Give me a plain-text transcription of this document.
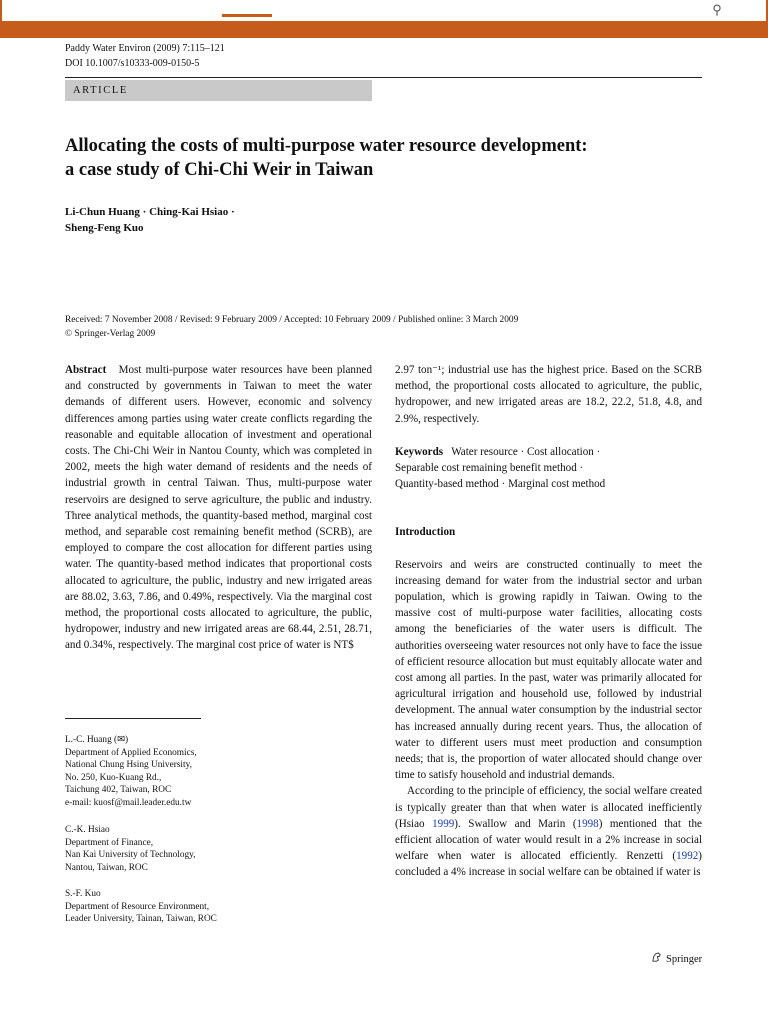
⚲
Paddy Water Environ (2009) 7:115–121
DOI 10.1007/s10333-009-0150-5
ARTICLE
Allocating the costs of multi-purpose water resource development:
a case study of Chi-Chi Weir in Taiwan
Li-Chun Huang · Ching-Kai Hsiao ·
Sheng-Feng Kuo
Received: 7 November 2008 / Revised: 9 February 2009 / Accepted: 10 February 2009 / Published online: 3 March 2009
© Springer-Verlag 2009

Abstract Most multi-purpose water resources have been planned and constructed by governments in Taiwan to meet the water demands of different users. However, economic and solvency differences among parties using water create conflicts regarding the reasonable and equitable allocation of investment and operational costs. The Chi-Chi Weir in Nantou County, which was completed in 2002, meets the high water demand of residents and the needs of industrial growth in central Taiwan. Thus, multi-purpose water reservoirs are designed to serve agriculture, the public and industry. Three analytical methods, the quantity-based method, marginal cost method, and separable cost remaining benefit method (SCRB), are employed to compare the cost allocation for different parties using water. The quantity-based method indicates that proportional costs allocated to agriculture, the public, industry and new irrigated areas are 88.02, 3.63, 7.86, and 0.49%, respectively. Via the marginal cost method, the proportional costs allocated to agriculture, the public, hydropower, industry and new irrigated areas are 68.44, 2.51, 28.71, and 0.34%, respectively. The marginal cost price of water is NT$

L.-C. Huang (✉)

Department of Applied Economics,

National Chung Hsing University,

No. 250, Kuo-Kuang Rd.,

Taichung 402, Taiwan, ROC

e-mail: kuosf@mail.leader.edu.tw

C.-K. Hsiao

Department of Finance,

Nan Kai University of Technology,

Nantou, Taiwan, ROC

S.-F. Kuo

Department of Resource Environment,

Leader University, Tainan, Taiwan, ROC

2.97 ton⁻¹; industrial use has the highest price. Based on the SCRB method, the proportional costs allocated to agriculture, the public, hydropower, and new irrigated areas are 18.2, 22.2, 51.8, 4.8, and 2.9%, respectively.

Keywords Water resource · Cost allocation ·
Separable cost remaining benefit method ·
Quantity-based method · Marginal cost method

Introduction

Reservoirs and weirs are constructed continually to meet the increasing demand for water from the industrial sector and urban population, which is growing rapidly in Taiwan. Owing to the massive cost of multi-purpose water facilities, allocating costs among the beneficiaries of the water users is difficult. The authorities overseeing water resources not only have to face the issue of efficient resource allocation but must equitably allocate water and cost among all parties. In the past, water was primarily allocated for agricultural irrigation and household use, followed by industrial development. The annual water consumption by the industrial sector has increased annually during recent years. Thus, the allocation of water to different users must meet production and consumption needs; that is, the proportion of water allocated should change over time to satisfy household and industrial demands.

According to the principle of efficiency, the social welfare created is typically greater than that when water is allocated inefficiently (Hsiao 1999). Swallow and Marin (1998) mentioned that the efficient allocation of water would result in a 2% increase in social welfare when water is allocated efficiently. Renzetti (1992) concluded a 4% increase in social welfare can be obtained if water is

Springer
